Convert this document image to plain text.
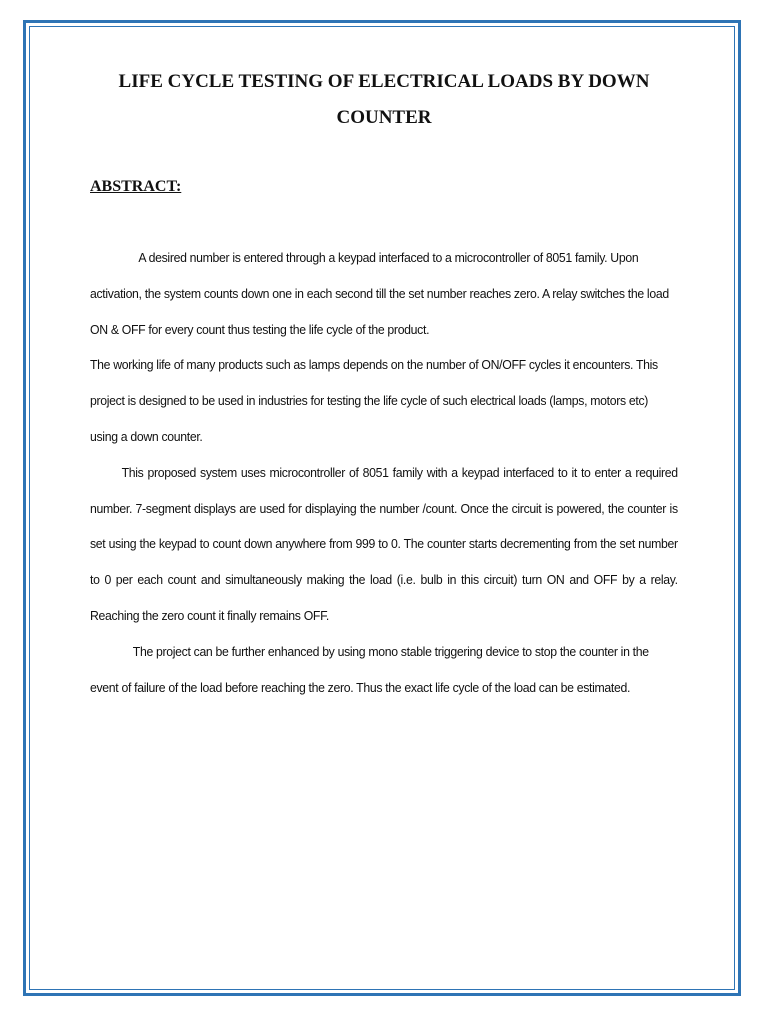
LIFE CYCLE TESTING OF ELECTRICAL LOADS BY DOWN
COUNTER
ABSTRACT:

A desired number is entered through a keypad interfaced to a microcontroller of 8051 family. Upon activation, the system counts down one in each second till the set number reaches zero. A relay switches the load ON & OFF for every count thus testing the life cycle of the product.

The working life of many products such as lamps depends on the number of ON/OFF cycles it encounters. This project is designed to be used in industries for testing the life cycle of such electrical loads (lamps, motors etc) using a down counter.

This proposed system uses microcontroller of 8051 family with a keypad interfaced to it to enter a required number. 7-segment displays are used for displaying the number /count. Once the circuit is powered, the counter is set using the keypad to count down anywhere from 999 to 0. The counter starts decrementing from the set number to 0 per each count and simultaneously making the load (i.e. bulb in this circuit) turn ON and OFF by a relay. Reaching the zero count it finally remains OFF.

The project can be further enhanced by using mono stable triggering device to stop the counter in the event of failure of the load before reaching the zero. Thus the exact life cycle of the load can be estimated.
